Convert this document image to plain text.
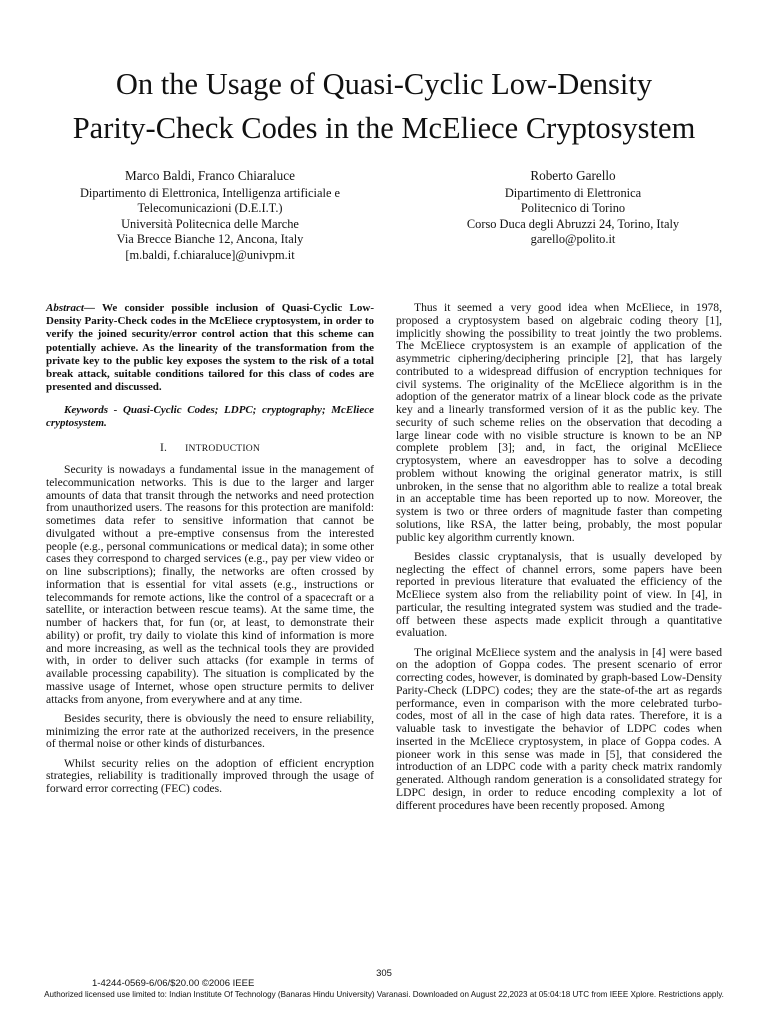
On the Usage of Quasi-Cyclic Low-Density
Parity-Check Codes in the McEliece Cryptosystem
Marco Baldi, Franco Chiaraluce
Dipartimento di Elettronica, Intelligenza artificiale e
Telecomunicazioni (D.E.I.T.)
Università Politecnica delle Marche
Via Brecce Bianche 12, Ancona, Italy
[m.baldi, f.chiaraluce]@univpm.it
Roberto Garello
Dipartimento di Elettronica
Politecnico di Torino
Corso Duca degli Abruzzi 24, Torino, Italy
garello@polito.it

Abstract— We consider possible inclusion of Quasi-Cyclic Low-Density Parity-Check codes in the McEliece cryptosystem, in order to verify the joined security/error control action that this scheme can potentially achieve. As the linearity of the transformation from the private key to the public key exposes the system to the risk of a total break attack, suitable conditions tailored for this class of codes are presented and discussed.

Keywords - Quasi-Cyclic Codes; LDPC; cryptography; McEliece cryptosystem.

I. INTRODUCTION

Security is nowadays a fundamental issue in the management of telecommunication networks. This is due to the larger and larger amounts of data that transit through the networks and need protection from unauthorized users. The reasons for this protection are manifold: sometimes data refer to sensitive information that cannot be divulgated without a pre-emptive consensus from the interested people (e.g., personal communications or medical data); in some other cases they correspond to charged services (e.g., pay per view video or on line subscriptions); finally, the networks are often crossed by information that is essential for vital assets (e.g., instructions or telecommands for remote actions, like the control of a spacecraft or a satellite, or interaction between rescue teams). At the same time, the number of hackers that, for fun (or, at least, to demonstrate their ability) or profit, try daily to violate this kind of information is more and more increasing, as well as the technical tools they are provided with, in order to deliver such attacks (for example in terms of available processing capability). The situation is complicated by the massive usage of Internet, whose open structure permits to deliver attacks from anyone, from everywhere and at any time.

Besides security, there is obviously the need to ensure reliability, minimizing the error rate at the authorized receivers, in the presence of thermal noise or other kinds of disturbances.

Whilst security relies on the adoption of efficient encryption strategies, reliability is traditionally improved through the usage of forward error correcting (FEC) codes.

Thus it seemed a very good idea when McEliece, in 1978, proposed a cryptosystem based on algebraic coding theory [1], implicitly showing the possibility to treat jointly the two problems. The McEliece cryptosystem is an example of application of the asymmetric ciphering/deciphering principle [2], that has largely contributed to a widespread diffusion of encryption techniques for civil systems. The originality of the McEliece algorithm is in the adoption of the generator matrix of a linear block code as the private key and a linearly transformed version of it as the public key. The security of such scheme relies on the observation that decoding a large linear code with no visible structure is known to be an NP complete problem [3]; and, in fact, the original McEliece cryptosystem, where an eavesdropper has to solve a decoding problem without knowing the original generator matrix, is still unbroken, in the sense that no algorithm able to realize a total break in an acceptable time has been reported up to now. Moreover, the system is two or three orders of magnitude faster than competing solutions, like RSA, the latter being, probably, the most popular public key algorithm currently known.

Besides classic cryptanalysis, that is usually developed by neglecting the effect of channel errors, some papers have been reported in previous literature that evaluated the efficiency of the McEliece system also from the reliability point of view. In [4], in particular, the resulting integrated system was studied and the trade-off between these aspects made explicit through a quantitative evaluation.

The original McEliece system and the analysis in [4] were based on the adoption of Goppa codes. The present scenario of error correcting codes, however, is dominated by graph-based Low-Density Parity-Check (LDPC) codes; they are the state-of-the art as regards performance, even in comparison with the more celebrated turbo-codes, most of all in the case of high data rates. Therefore, it is a valuable task to investigate the behavior of LDPC codes when inserted in the McEliece cryptosystem, in place of Goppa codes. A pioneer work in this sense was made in [5], that considered the introduction of an LDPC code with a parity check matrix randomly generated. Although random generation is a consolidated strategy for LDPC design, in order to reduce encoding complexity a lot of different procedures have been recently proposed. Among

305
1-4244-0569-6/06/$20.00 ©2006 IEEE
Authorized licensed use limited to: Indian Institute Of Technology (Banaras Hindu University) Varanasi. Downloaded on August 22,2023 at 05:04:18 UTC from IEEE Xplore. Restrictions apply.
